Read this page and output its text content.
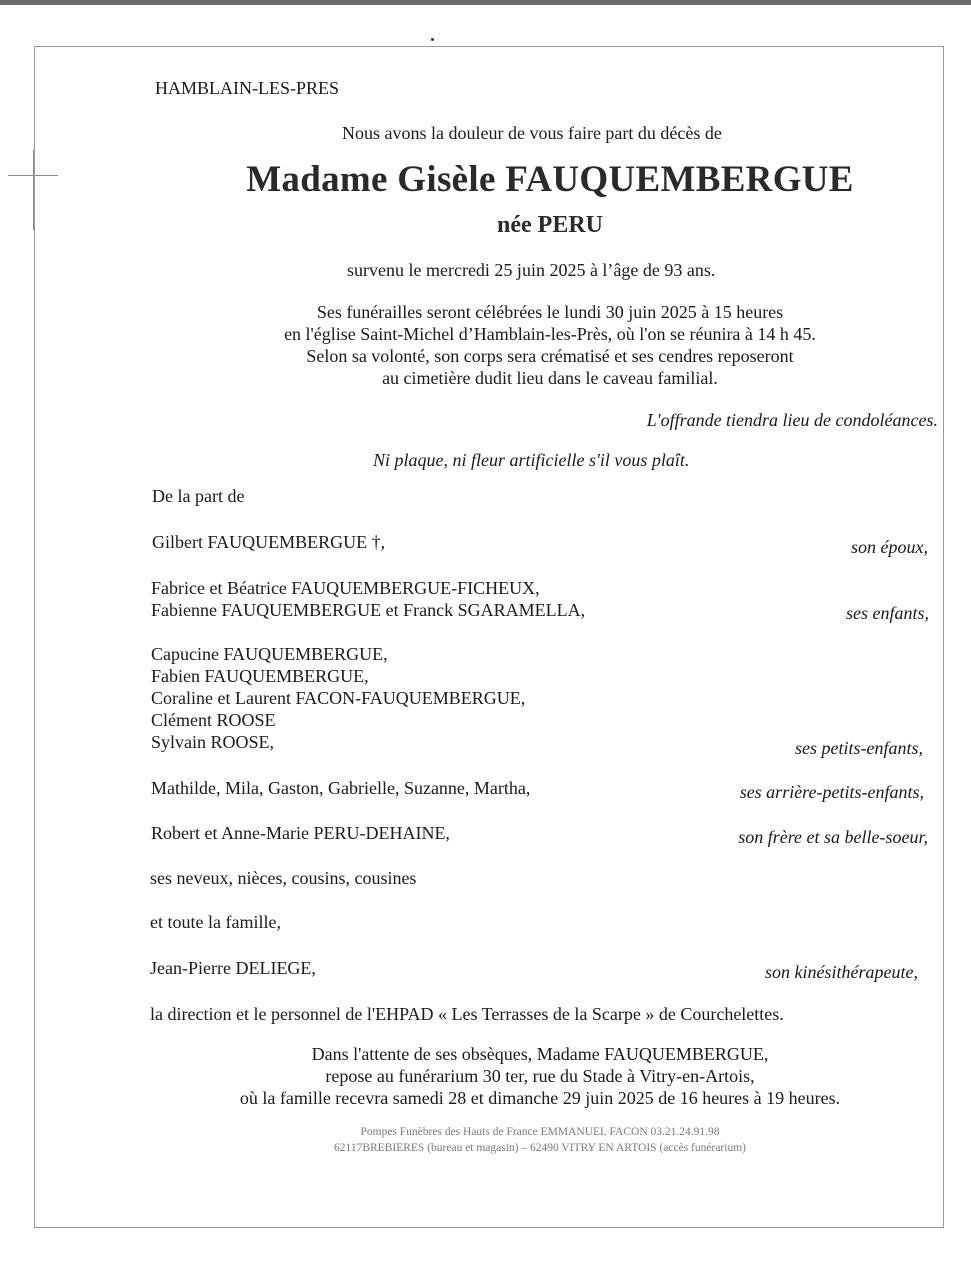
HAMBLAIN-LES-PRES
Nous avons la douleur de vous faire part du décès de
Madame Gisèle FAUQUEMBERGUE
née PERU
survenu le mercredi 25 juin 2025 à l’âge de 93 ans.
Ses funérailles seront célébrées le lundi 30 juin 2025 à 15 heures
en l'église Saint-Michel d’Hamblain-les-Près, où l'on se réunira à 14 h 45.
Selon sa volonté, son corps sera crématisé et ses cendres reposeront
au cimetière dudit lieu dans le caveau familial.
L'offrande tiendra lieu de condoléances.
Ni plaque, ni fleur artificielle s'il vous plaît.
De la part de
Gilbert FAUQUEMBERGUE †,	son époux,
Fabrice et Béatrice FAUQUEMBERGUE-FICHEUX,
Fabienne FAUQUEMBERGUE et Franck SGARAMELLA,	ses enfants,
Capucine FAUQUEMBERGUE,
Fabien FAUQUEMBERGUE,
Coraline et Laurent FACON-FAUQUEMBERGUE,
Clément ROOSE
Sylvain ROOSE,	ses petits-enfants,
Mathilde, Mila, Gaston, Gabrielle, Suzanne, Martha,	ses arrière-petits-enfants,
Robert et Anne-Marie PERU-DEHAINE,	son frère et sa belle-soeur,
ses neveux, nièces, cousins, cousines
et toute la famille,
Jean-Pierre DELIEGE,	son kinésithérapeute,
la direction et le personnel de l'EHPAD « Les Terrasses de la Scarpe » de Courchelettes.
Dans l'attente de ses obsèques, Madame FAUQUEMBERGUE,
repose au funérarium 30 ter, rue du Stade à Vitry-en-Artois,
où la famille recevra samedi 28 et dimanche 29 juin 2025 de 16 heures à 19 heures.
Pompes Funèbres des Hauts de France EMMANUEL FACON 03.21.24.91.98
62117BREBIERES (bureau et magasin) – 62490 VITRY EN ARTOIS (accès funérarium)
